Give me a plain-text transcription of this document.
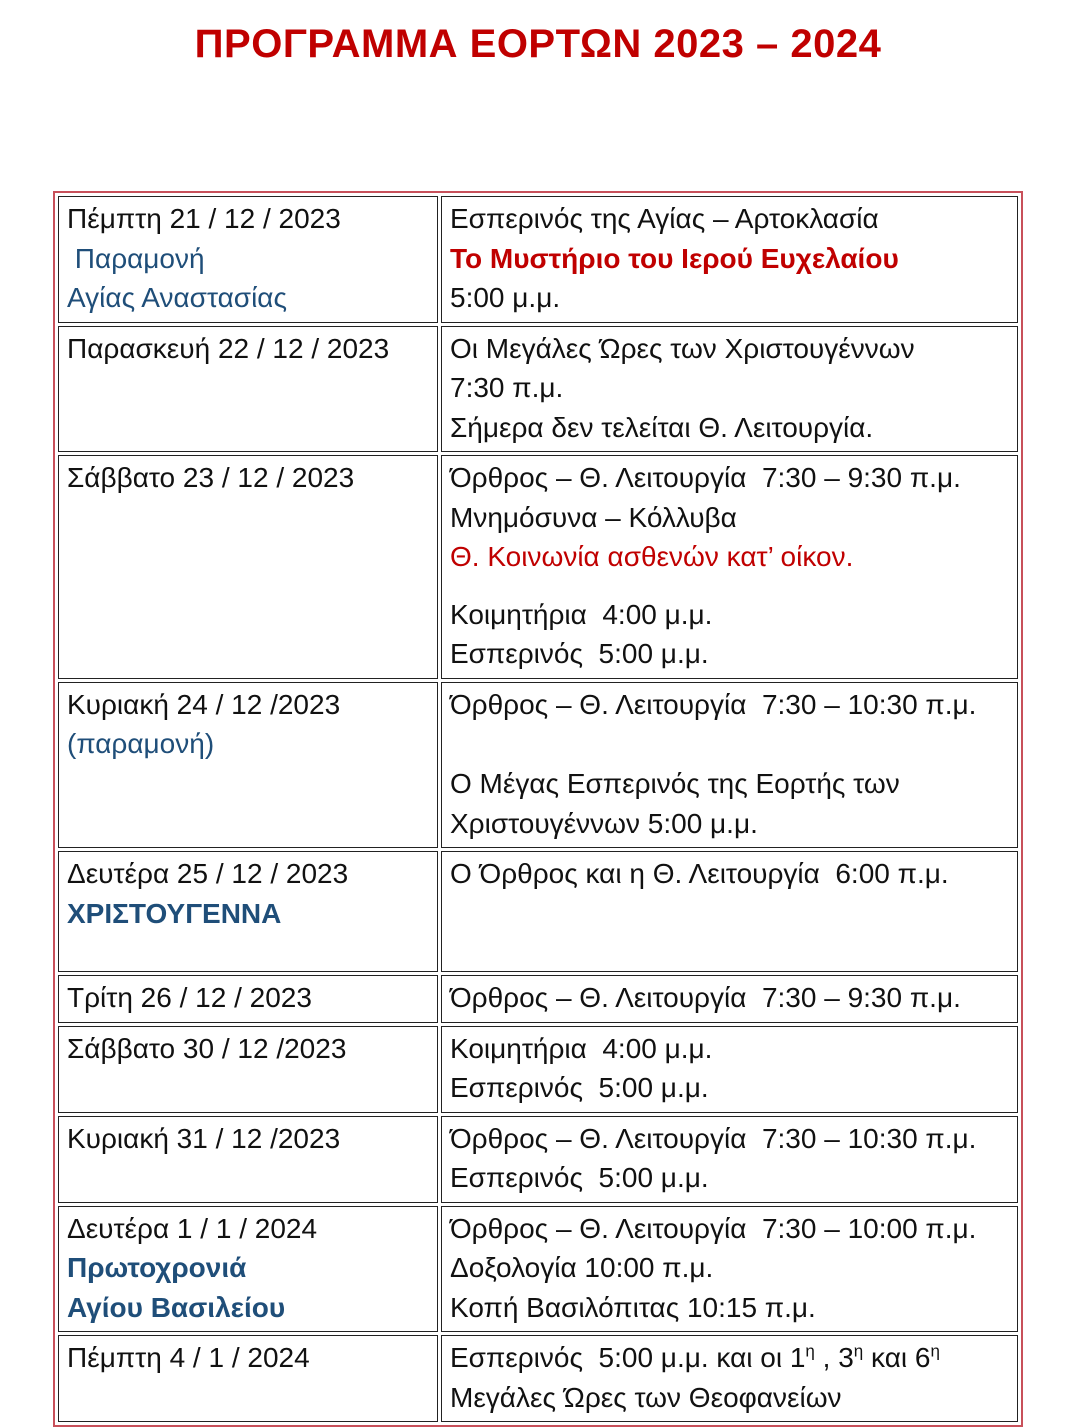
ΠΡΟΓΡΑΜΜΑ ΕΟΡΤΩΝ 2023 – 2024
Πέμπτη 21 / 12 / 2023
Παραμονή
Αγίας Αναστασίας	Εσπερινός της Αγίας – Αρτοκλασία
Το Μυστήριο του Ιερού Ευχελαίου
5:00 μ.μ.

Παρασκευή 22 / 12 / 2023	Οι Μεγάλες Ώρες των Χριστουγέννων
7:30 π.μ.
Σήμερα δεν τελείται Θ. Λειτουργία.

Σάββατο 23 / 12 / 2023	Όρθρος – Θ. Λειτουργία  7:30 – 9:30 π.μ.
Μνημόσυνα – Κόλλυβα
Θ. Κοινωνία ασθενών κατ’ οίκον.
Κοιμητήρια  4:00 μ.μ.
Εσπερινός  5:00 μ.μ.

Κυριακή 24 / 12 /2023
(παραμονή)	Όρθρος – Θ. Λειτουργία  7:30 – 10:30 π.μ.
Ο Μέγας Εσπερινός της Εορτής των
Χριστουγέννων 5:00 μ.μ.

Δευτέρα 25 / 12 / 2023
ΧΡΙΣΤΟΥΓΕΝΝΑ	Ο Όρθρος και η Θ. Λειτουργία  6:00 π.μ.

Τρίτη 26 / 12 / 2023	Όρθρος – Θ. Λειτουργία  7:30 – 9:30 π.μ.

Σάββατο 30 / 12 /2023	Κοιμητήρια  4:00 μ.μ.
Εσπερινός  5:00 μ.μ.

Κυριακή 31 / 12 /2023	Όρθρος – Θ. Λειτουργία  7:30 – 10:30 π.μ.
Εσπερινός  5:00 μ.μ.

Δευτέρα 1 / 1 / 2024
Πρωτοχρονιά
Αγίου Βασιλείου	Όρθρος – Θ. Λειτουργία  7:30 – 10:00 π.μ.
Δοξολογία 10:00 π.μ.
Κοπή Βασιλόπιτας 10:15 π.μ.

Πέμπτη 4 / 1 / 2024	Εσπερινός  5:00 μ.μ. και οι $1^\eta$ , $3^\eta$ και $6^\eta$
Μεγάλες Ώρες των Θεοφανείων
